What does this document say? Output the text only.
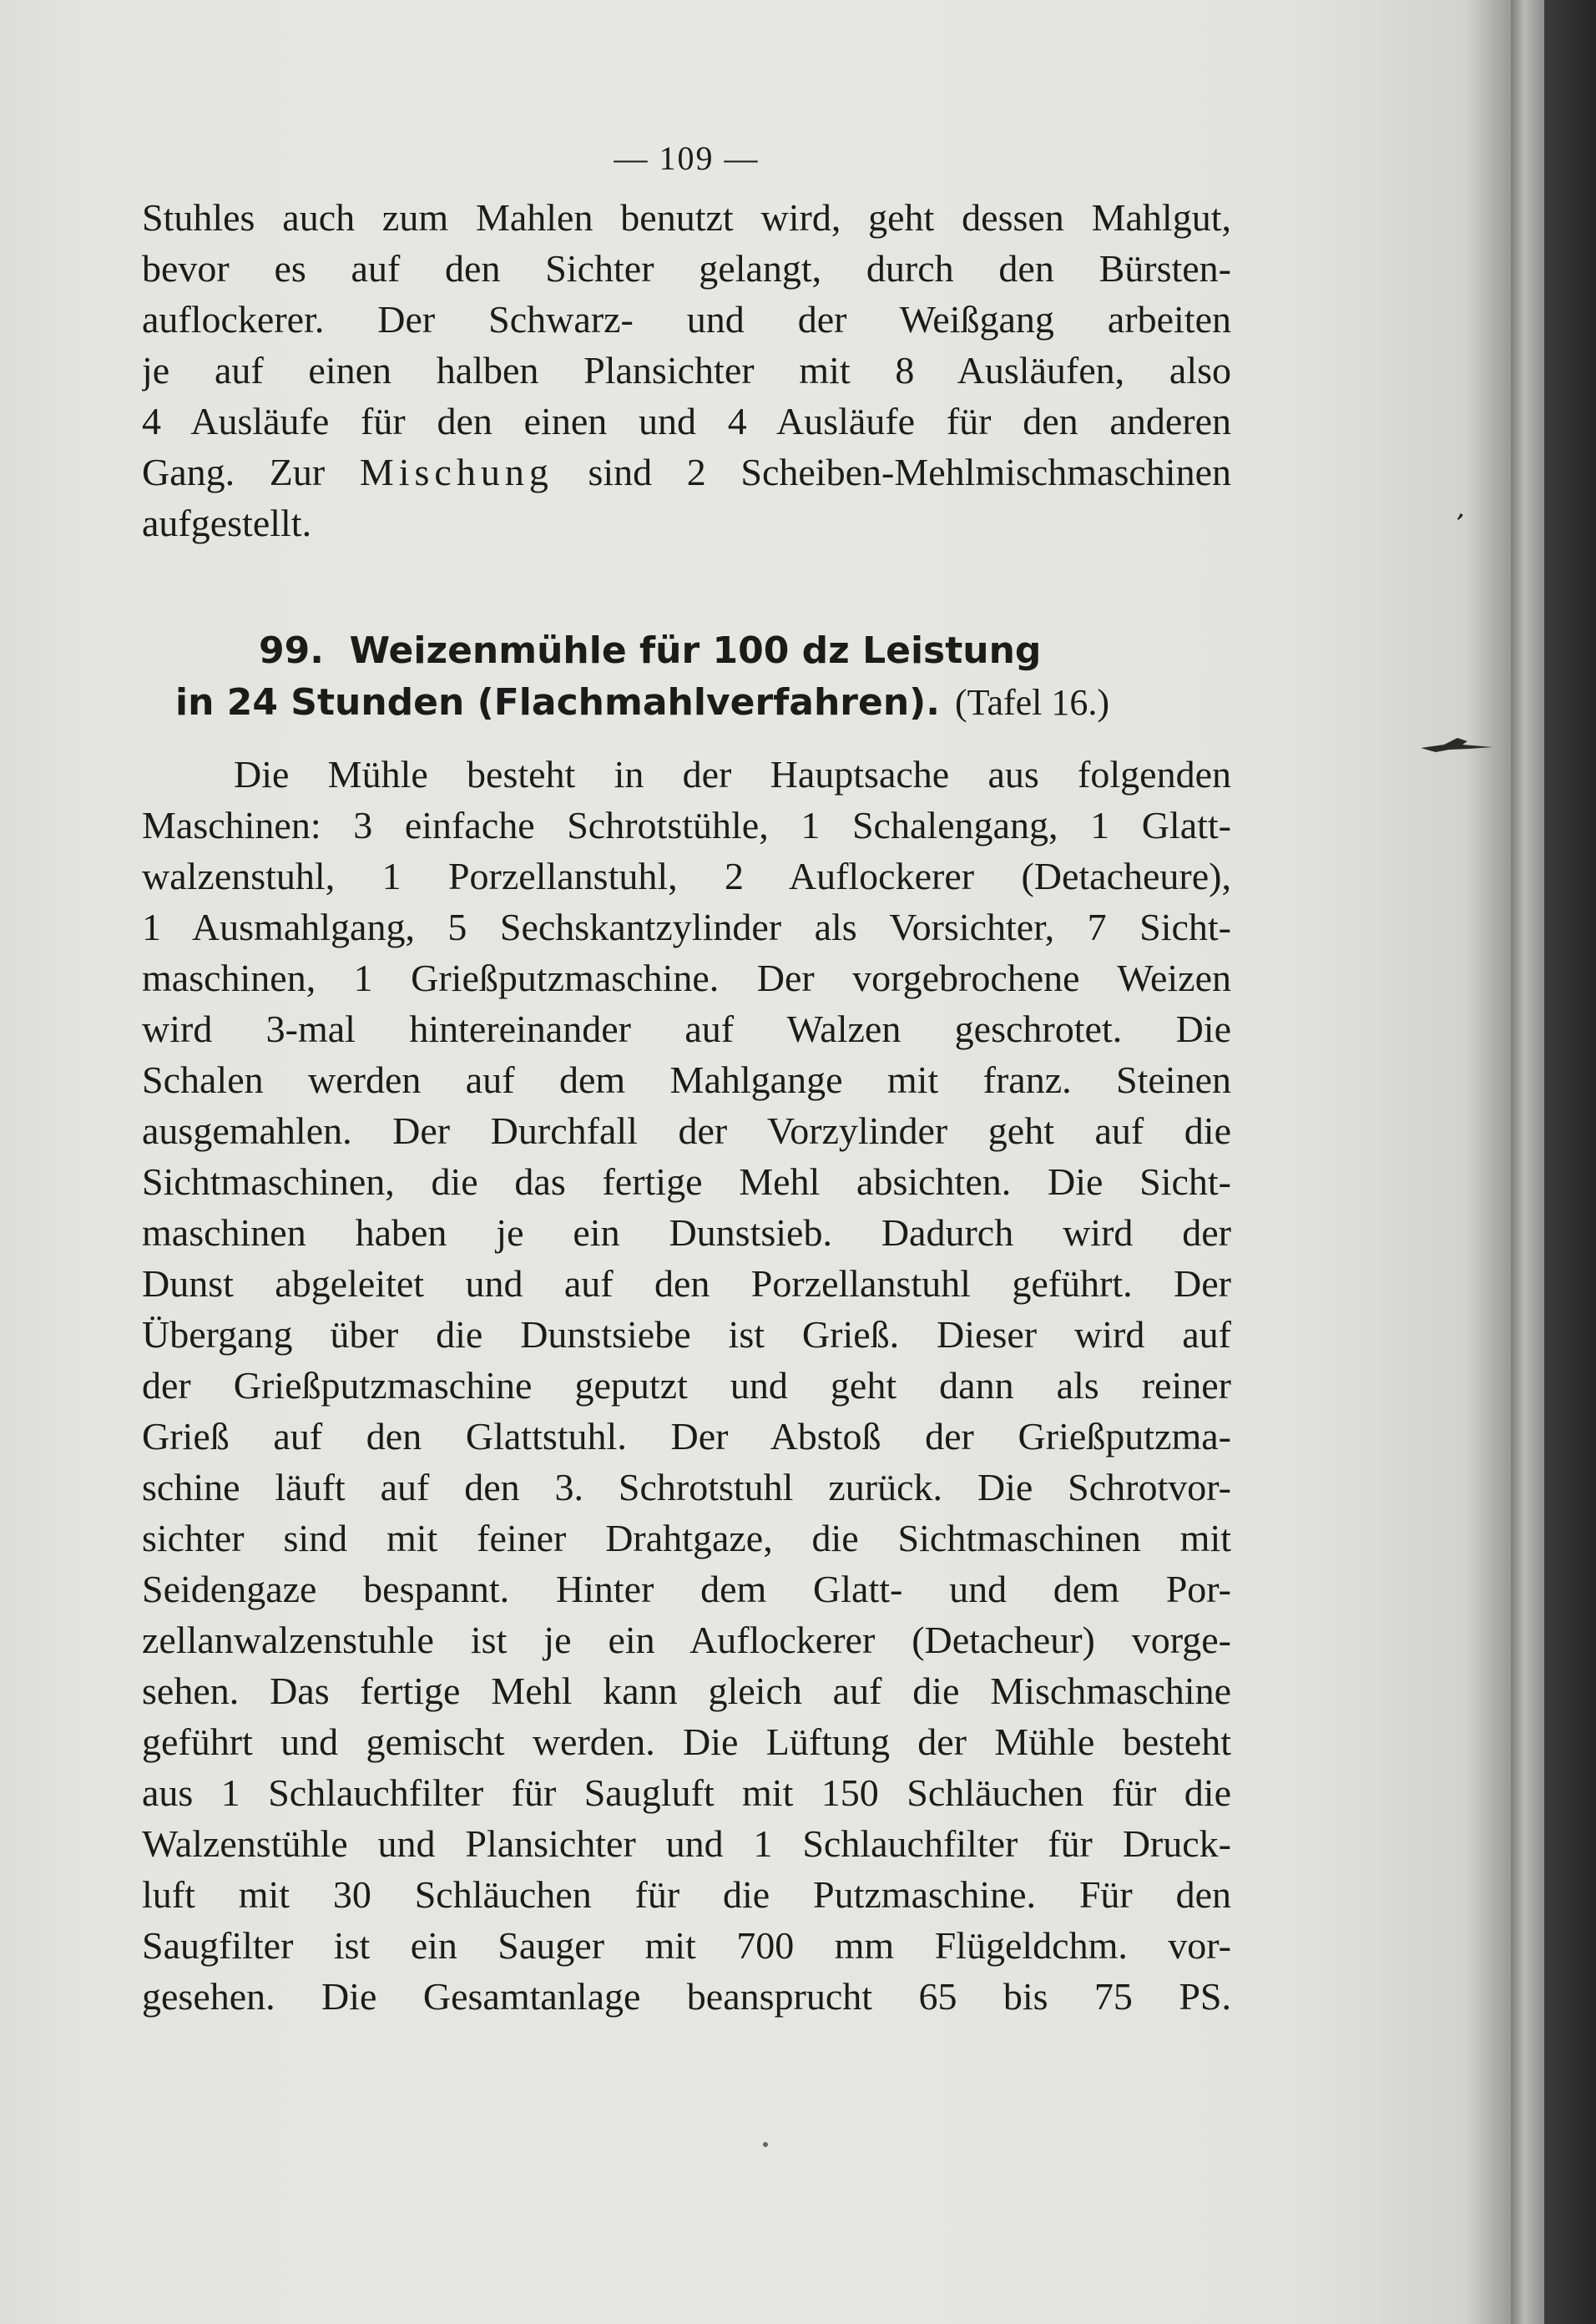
— 109 —
Stuhles auch zum Mahlen benutzt wird, geht dessen Mahlgut,
bevor es auf den Sichter gelangt, durch den Bürsten-
auflockerer. Der Schwarz- und der Weißgang arbeiten
je auf einen halben Plansichter mit 8 Ausläufen, also
4 Ausläufe für den einen und 4 Ausläufe für den anderen
Gang. Zur Mischung sind 2 Scheiben-Mehlmischmaschinen
aufgestellt.
99. Weizenmühle für 100 dz Leistung
in 24 Stunden (Flachmahlverfahren). (Tafel 16.)
Die Mühle besteht in der Hauptsache aus folgenden
Maschinen: 3 einfache Schrotstühle, 1 Schalengang, 1 Glatt-
walzenstuhl, 1 Porzellanstuhl, 2 Auflockerer (Detacheure),
1 Ausmahlgang, 5 Sechskantzylinder als Vorsichter, 7 Sicht-
maschinen, 1 Grießputzmaschine. Der vorgebrochene Weizen
wird 3-mal hintereinander auf Walzen geschrotet. Die
Schalen werden auf dem Mahlgange mit franz. Steinen
ausgemahlen. Der Durchfall der Vorzylinder geht auf die
Sichtmaschinen, die das fertige Mehl absichten. Die Sicht-
maschinen haben je ein Dunstsieb. Dadurch wird der
Dunst abgeleitet und auf den Porzellanstuhl geführt. Der
Übergang über die Dunstsiebe ist Grieß. Dieser wird auf
der Grießputzmaschine geputzt und geht dann als reiner
Grieß auf den Glattstuhl. Der Abstoß der Grießputzma-
schine läuft auf den 3. Schrotstuhl zurück. Die Schrotvor-
sichter sind mit feiner Drahtgaze, die Sichtmaschinen mit
Seidengaze bespannt. Hinter dem Glatt- und dem Por-
zellanwalzenstuhle ist je ein Auflockerer (Detacheur) vorge-
sehen. Das fertige Mehl kann gleich auf die Mischmaschine
geführt und gemischt werden. Die Lüftung der Mühle besteht
aus 1 Schlauchfilter für Saugluft mit 150 Schläuchen für die
Walzenstühle und Plansichter und 1 Schlauchfilter für Druck-
luft mit 30 Schläuchen für die Putzmaschine. Für den
Saugfilter ist ein Sauger mit 700 mm Flügeldchm. vor-
gesehen. Die Gesamtanlage beansprucht 65 bis 75 PS.
,
